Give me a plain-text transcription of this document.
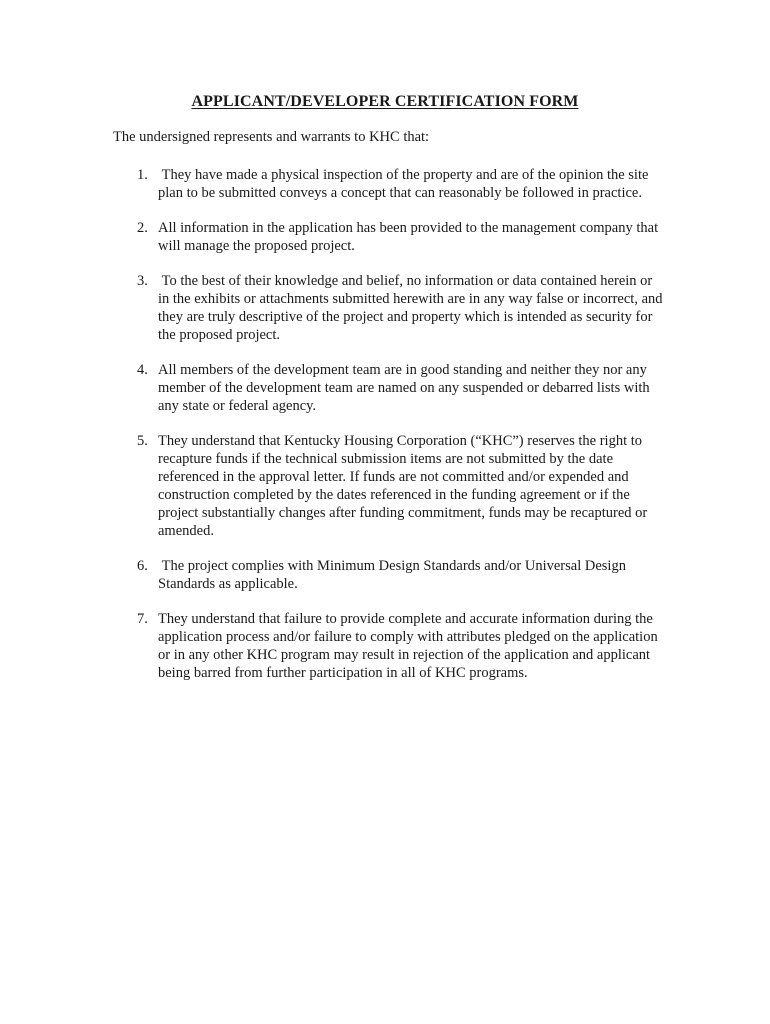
APPLICANT/DEVELOPER CERTIFICATION FORM
The undersigned represents and warrants to KHC that:
1. They have made a physical inspection of the property and are of the opinion the site plan to be submitted conveys a concept that can reasonably be followed in practice.
2. All information in the application has been provided to the management company that will manage the proposed project.
3. To the best of their knowledge and belief, no information or data contained herein or in the exhibits or attachments submitted herewith are in any way false or incorrect, and they are truly descriptive of the project and property which is intended as security for the proposed project.
4. All members of the development team are in good standing and neither they nor any member of the development team are named on any suspended or debarred lists with any state or federal agency.
5. They understand that Kentucky Housing Corporation (“KHC”) reserves the right to recapture funds if the technical submission items are not submitted by the date referenced in the approval letter. If funds are not committed and/or expended and construction completed by the dates referenced in the funding agreement or if the project substantially changes after funding commitment, funds may be recaptured or amended.
6. The project complies with Minimum Design Standards and/or Universal Design Standards as applicable.
7. They understand that failure to provide complete and accurate information during the application process and/or failure to comply with attributes pledged on the application or in any other KHC program may result in rejection of the application and applicant being barred from further participation in all of KHC programs.
